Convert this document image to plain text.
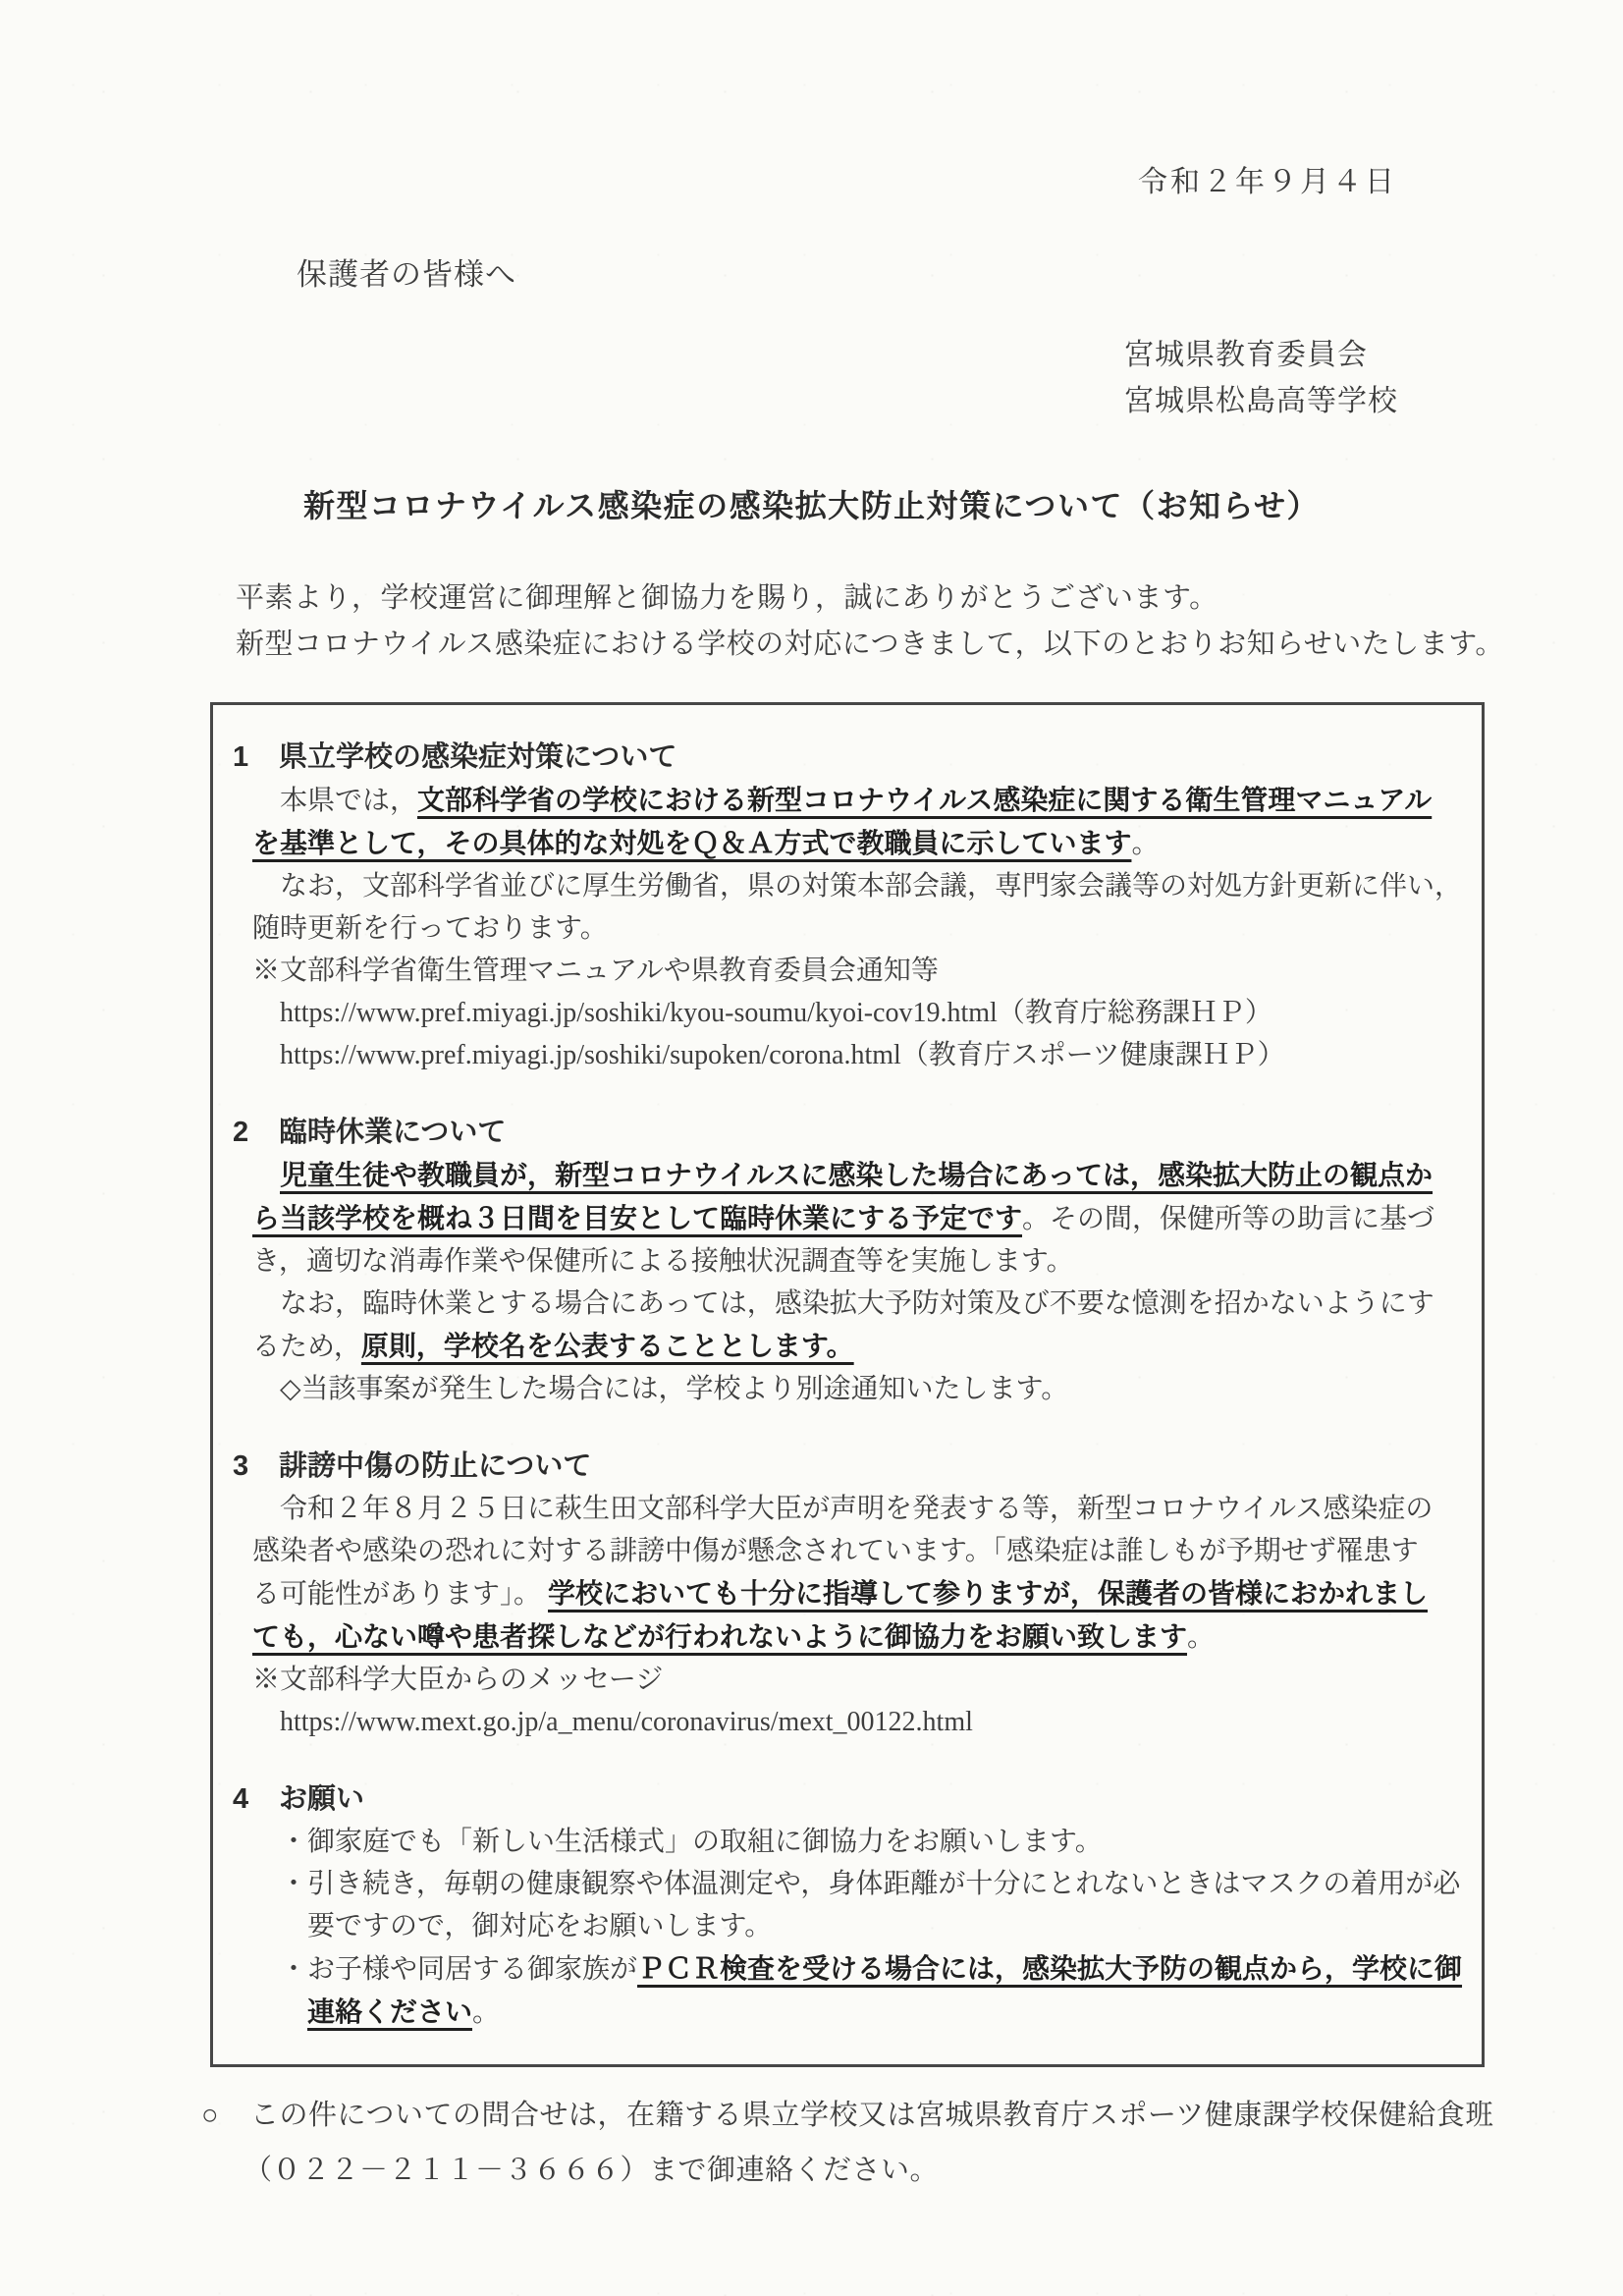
令和２年９月４日
保護者の皆様へ
宮城県教育委員会
宮城県松島高等学校
新型コロナウイルス感染症の感染拡大防止対策について（お知らせ）
平素より，学校運営に御理解と御協力を賜り，誠にありがとうございます。
新型コロナウイルス感染症における学校の対応につきまして，以下のとおりお知らせいたします。
1 県立学校の感染症対策について
本県では，文部科学省の学校における新型コロナウイルス感染症に関する衛生管理マニュアル
を基準として，その具体的な対処をＱ＆Ａ方式で教職員に示しています。
なお，文部科学省並びに厚生労働省，県の対策本部会議，専門家会議等の対処方針更新に伴い，
随時更新を行っております。
※文部科学省衛生管理マニュアルや県教育委員会通知等
https://www.pref.miyagi.jp/soshiki/kyou-soumu/kyoi-cov19.html（教育庁総務課ＨＰ）
https://www.pref.miyagi.jp/soshiki/supoken/corona.html（教育庁スポーツ健康課ＨＰ）
2 臨時休業について
児童生徒や教職員が，新型コロナウイルスに感染した場合にあっては，感染拡大防止の観点か
ら当該学校を概ね３日間を目安として臨時休業にする予定です。その間，保健所等の助言に基づ
き，適切な消毒作業や保健所による接触状況調査等を実施します。
なお，臨時休業とする場合にあっては，感染拡大予防対策及び不要な憶測を招かないようにす
るため，原則，学校名を公表することとします。
◇当該事案が発生した場合には，学校より別途通知いたします。
3 誹謗中傷の防止について
令和２年８月２５日に萩生田文部科学大臣が声明を発表する等，新型コロナウイルス感染症の
感染者や感染の恐れに対する誹謗中傷が懸念されています。「感染症は誰しもが予期せず罹患す
る可能性があります」。 学校においても十分に指導して参りますが，保護者の皆様におかれまし
ても，心ない噂や患者探しなどが行われないように御協力をお願い致します。
※文部科学大臣からのメッセージ
https://www.mext.go.jp/a_menu/coronavirus/mext_00122.html
4 お願い
・御家庭でも「新しい生活様式」の取組に御協力をお願いします。
・引き続き，毎朝の健康観察や体温測定や，身体距離が十分にとれないときはマスクの着用が必
要ですので，御対応をお願いします。
・お子様や同居する御家族がＰＣＲ検査を受ける場合には，感染拡大予防の観点から，学校に御
連絡ください。
○ この件についての問合せは，在籍する県立学校又は宮城県教育庁スポーツ健康課学校保健給食班
（０２２－２１１－３６６６）まで御連絡ください。
